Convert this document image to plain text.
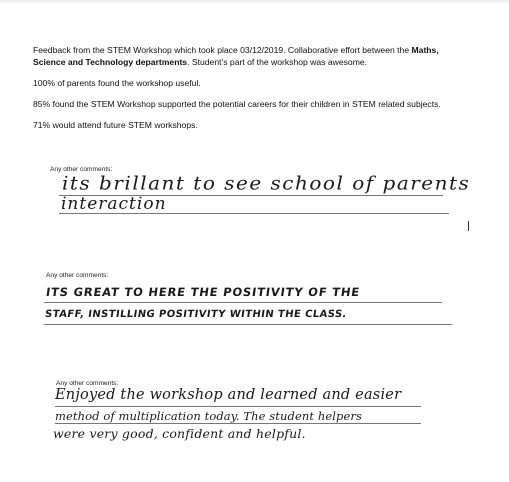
Feedback from the STEM Workshop which took place 03/12/2019. Collaborative effort between the Maths, Science and Technology departments. Student’s part of the workshop was awesome.

100% of parents found the workshop useful.

85% found the STEM Workshop supported the potential careers for their children in STEM related subjects.

71% would attend future STEM workshops.

Any other comments:
its brillant to see school of parents
interaction
Any other comments:
ITS GREAT TO HERE THE POSITIVITY OF THE
STAFF, INSTILLING POSITIVITY WITHIN THE CLASS.
Any other comments:
Enjoyed the workshop and learned and easier
method of multiplication today. The student helpers
were very good, confident and helpful.
